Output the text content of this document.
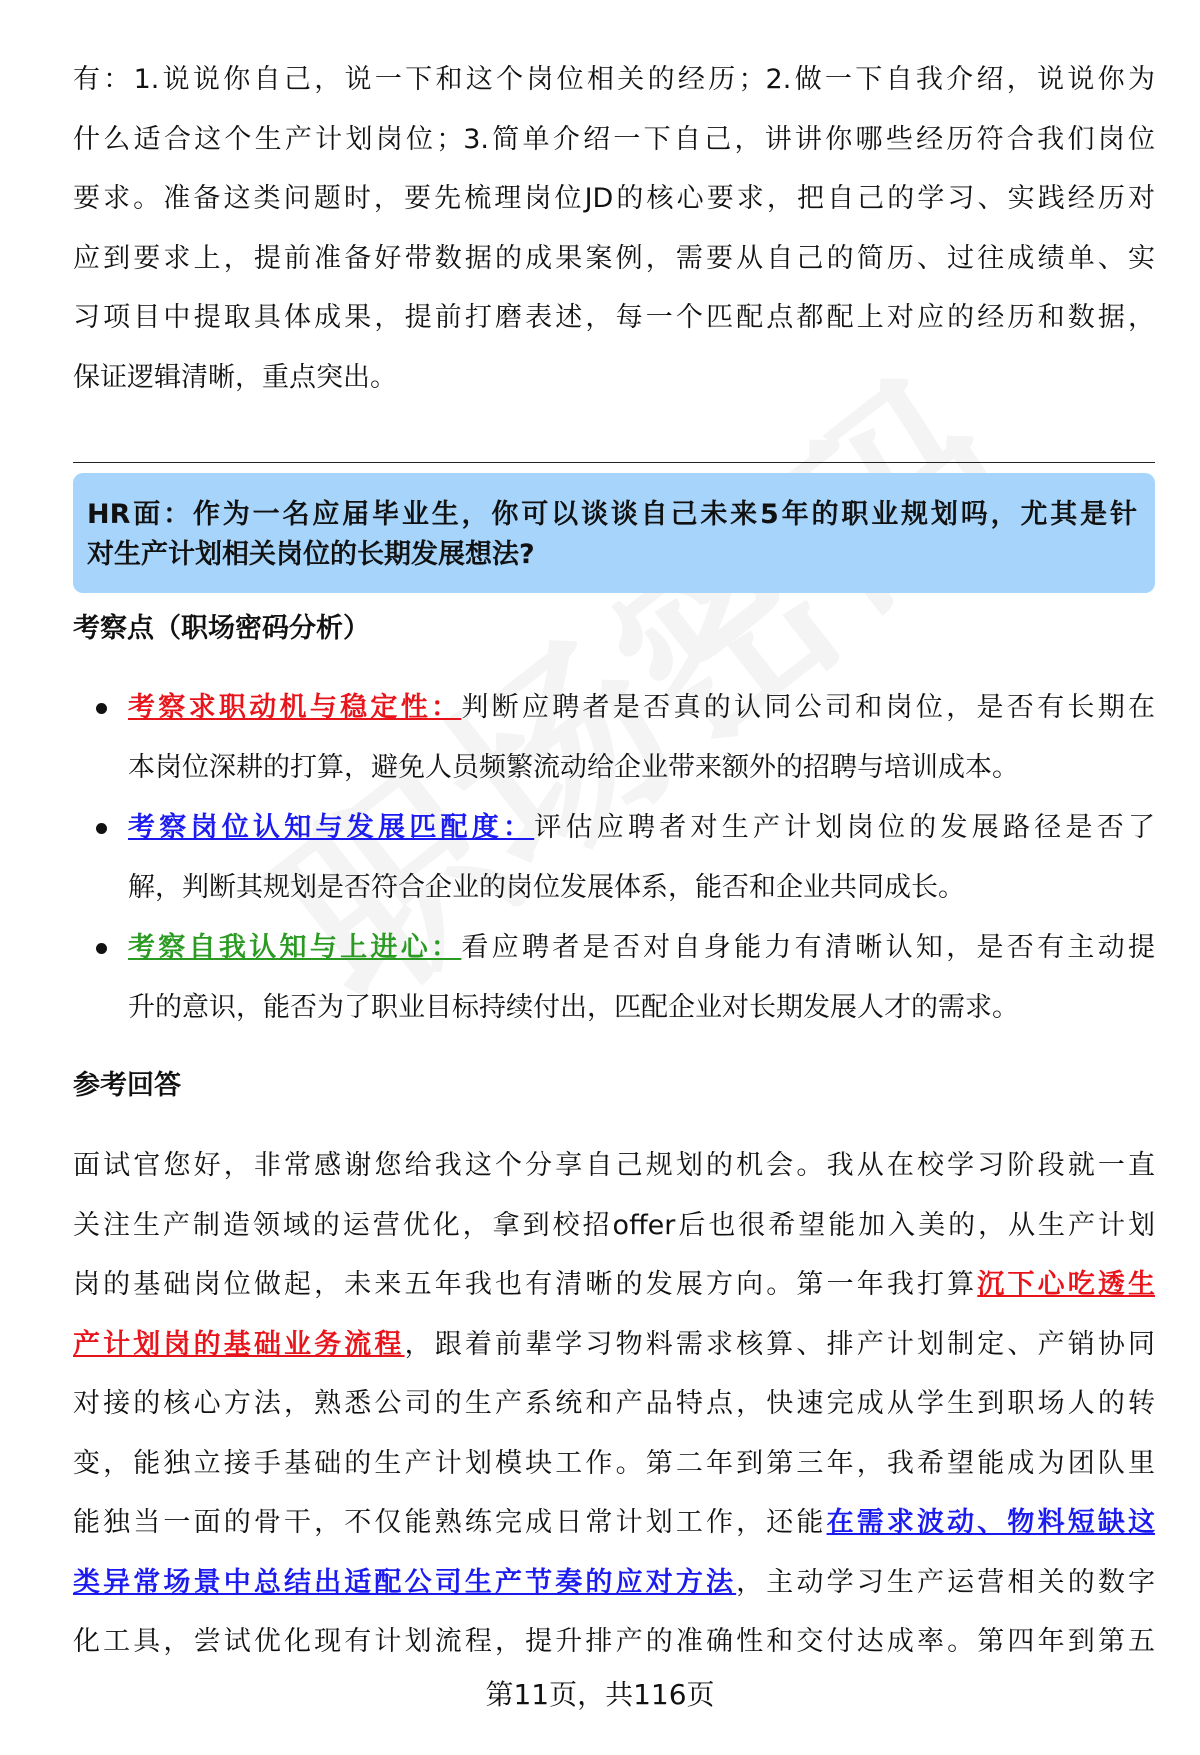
有：1.说说你自己，说一下和这个岗位相关的经历；2.做一下自我介绍，说说你为
什么适合这个生产计划岗位；3.简单介绍一下自己，讲讲你哪些经历符合我们岗位
要求。准备这类问题时，要先梳理岗位JD的核心要求，把自己的学习、实践经历对
应到要求上，提前准备好带数据的成果案例，需要从自己的简历、过往成绩单、实
习项目中提取具体成果，提前打磨表述，每一个匹配点都配上对应的经历和数据，
保证逻辑清晰，重点突出。
HR面：作为一名应届毕业生，你可以谈谈自己未来5年的职业规划吗，尤其是针
对生产计划相关岗位的长期发展想法?
考察点（职场密码分析）
考察求职动机与稳定性：判断应聘者是否真的认同公司和岗位，是否有长期在
本岗位深耕的打算，避免人员频繁流动给企业带来额外的招聘与培训成本。
考察岗位认知与发展匹配度：评估应聘者对生产计划岗位的发展路径是否了
解，判断其规划是否符合企业的岗位发展体系，能否和企业共同成长。
考察自我认知与上进心：看应聘者是否对自身能力有清晰认知，是否有主动提
升的意识，能否为了职业目标持续付出，匹配企业对长期发展人才的需求。
参考回答
面试官您好，非常感谢您给我这个分享自己规划的机会。我从在校学习阶段就一直
关注生产制造领域的运营优化，拿到校招offer后也很希望能加入美的，从生产计划
岗的基础岗位做起，未来五年我也有清晰的发展方向。第一年我打算沉下心吃透生
产计划岗的基础业务流程，跟着前辈学习物料需求核算、排产计划制定、产销协同
对接的核心方法，熟悉公司的生产系统和产品特点，快速完成从学生到职场人的转
变，能独立接手基础的生产计划模块工作。第二年到第三年，我希望能成为团队里
能独当一面的骨干，不仅能熟练完成日常计划工作，还能在需求波动、物料短缺这
类异常场景中总结出适配公司生产节奏的应对方法，主动学习生产运营相关的数字
化工具，尝试优化现有计划流程，提升排产的准确性和交付达成率。第四年到第五
第11页，共116页
